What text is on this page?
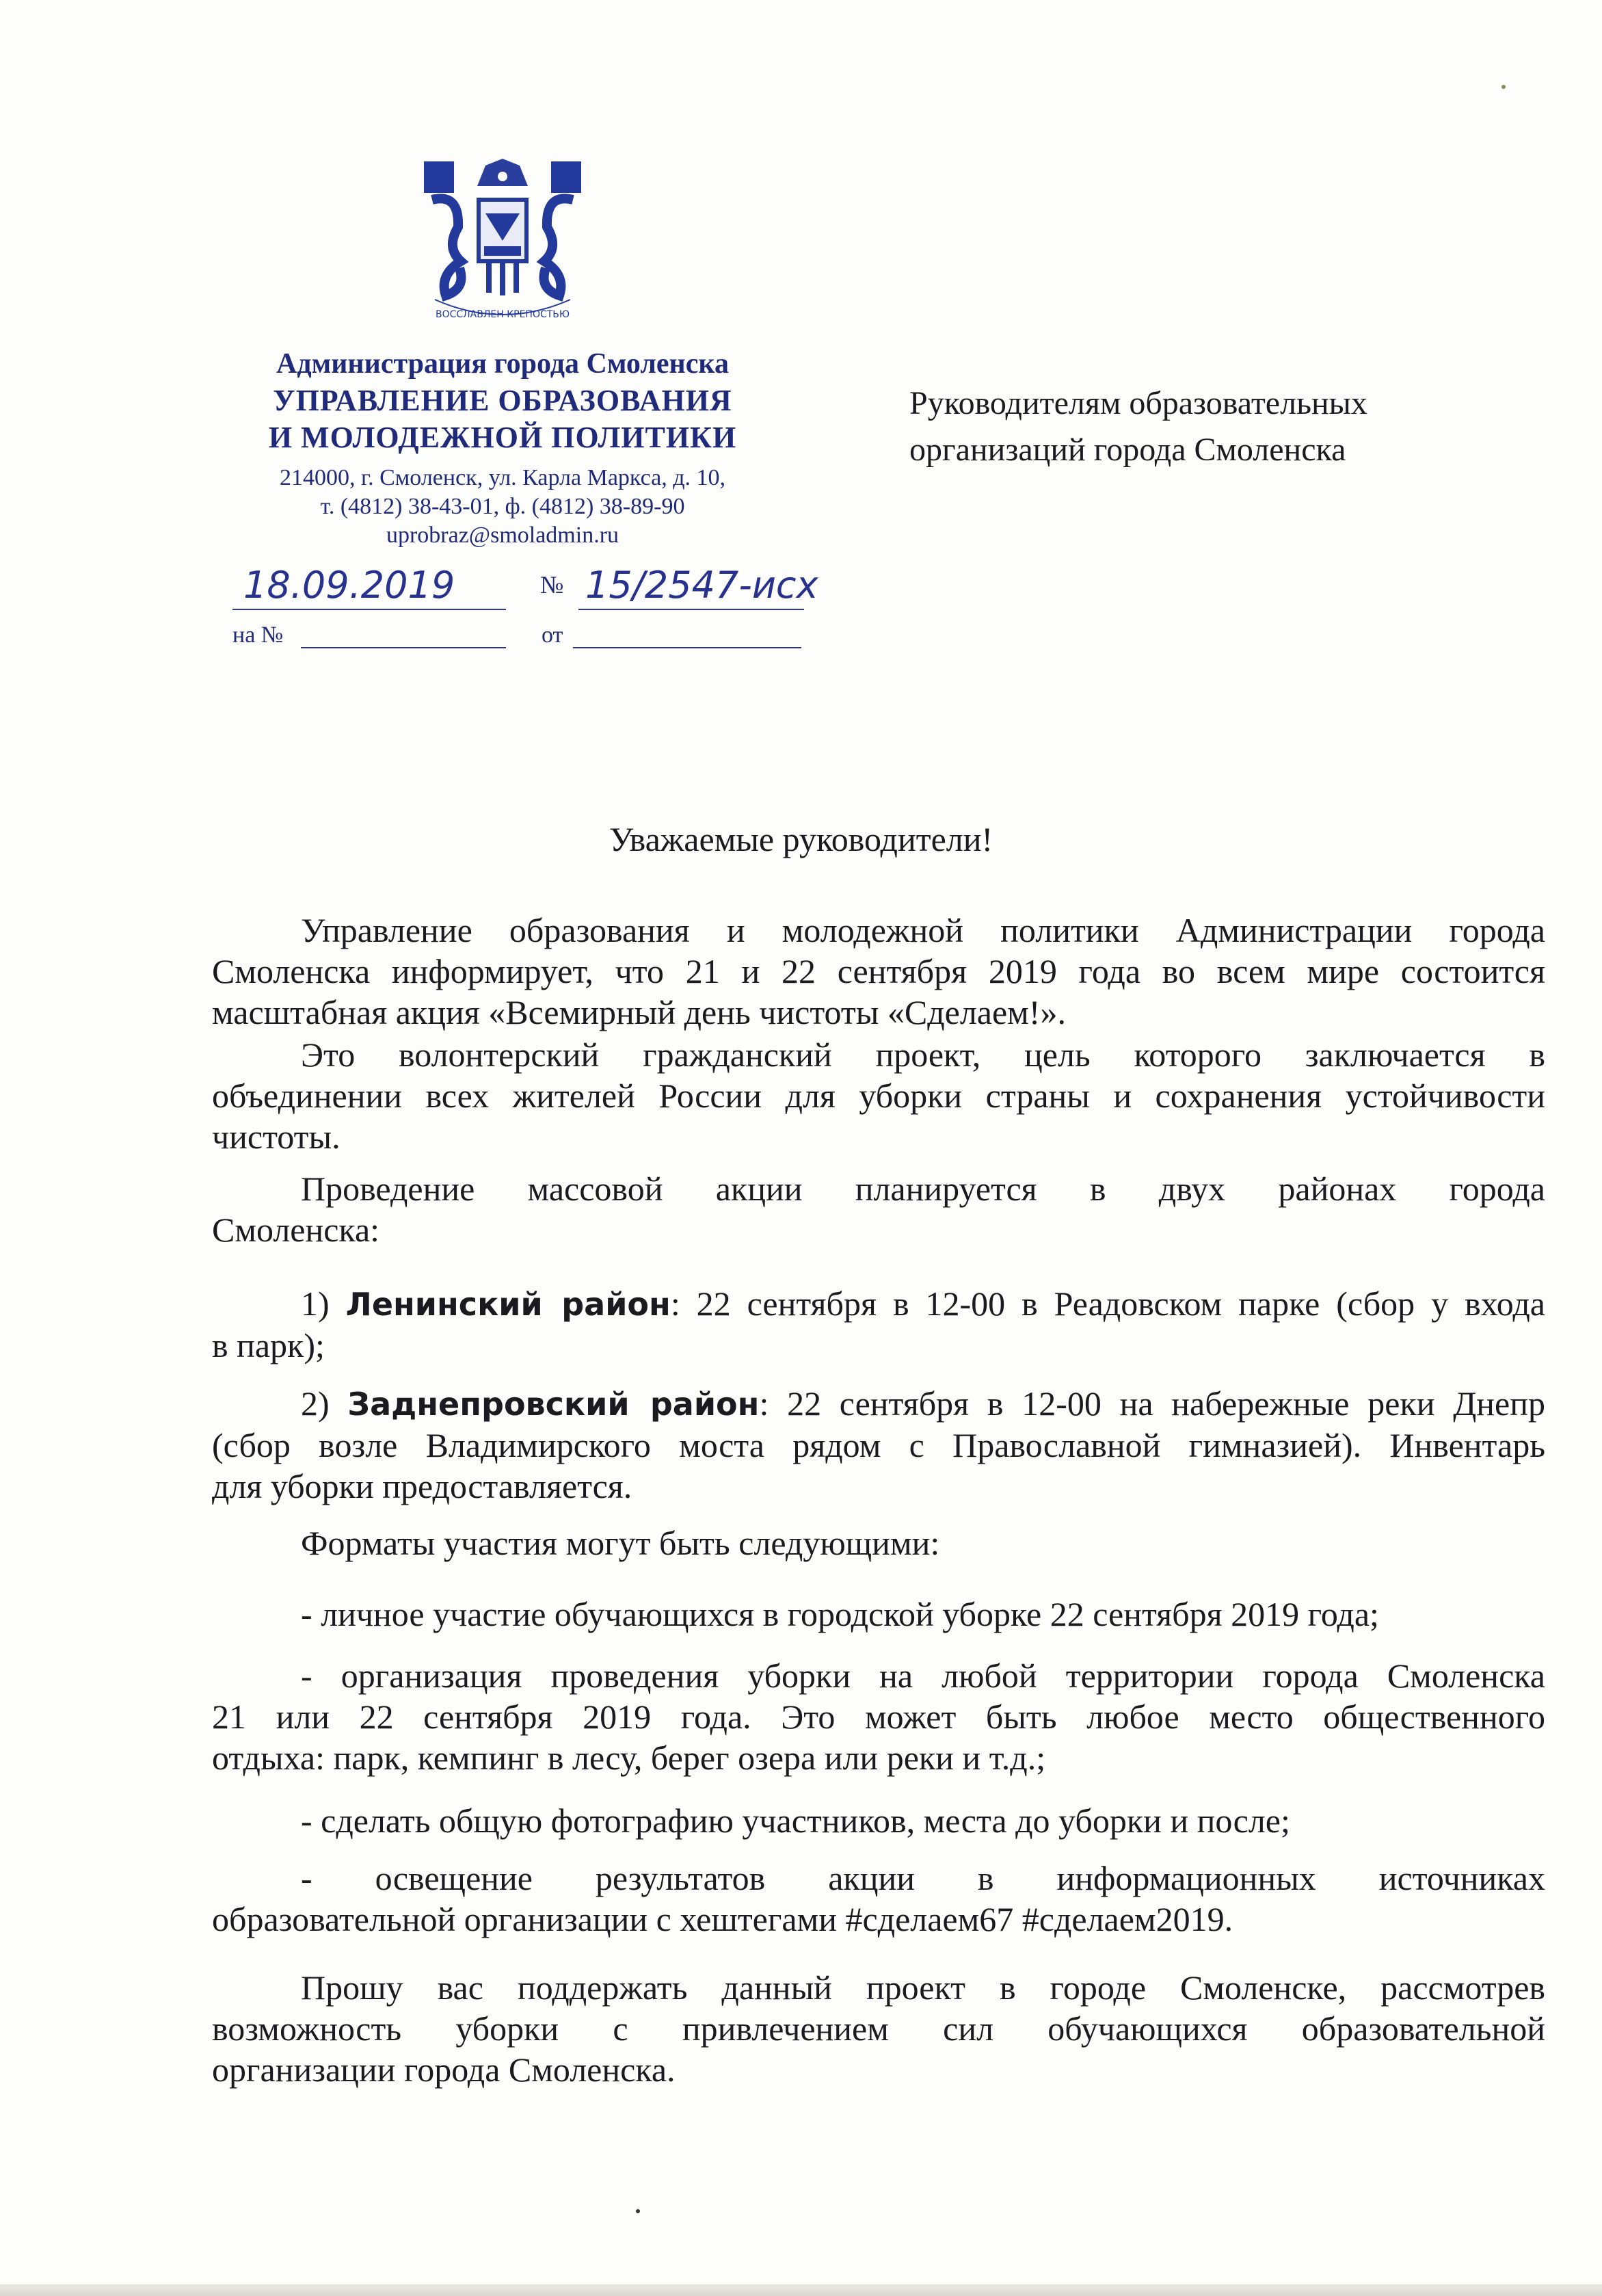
ВОССЛАВЛЕН КРЕПОСТЬЮ
Администрация города Смоленска
УПРАВЛЕНИЕ ОБРАЗОВАНИЯ
И МОЛОДЕЖНОЙ ПОЛИТИКИ
214000, г. Смоленск, ул. Карла Маркса, д. 10,
т. (4812) 38-43-01, ф. (4812) 38-89-90
uprobraz@smoladmin.ru
18.09.2019	№ 15/2547-исх
на №	от
Руководителям образовательных
организаций города Смоленска
Уважаемые руководители!
Управление образования и молодежной политики Администрации города
Смоленска информирует, что 21 и 22 сентября 2019 года во всем мире состоится
масштабная акция «Всемирный день чистоты «Сделаем!».
Это волонтерский гражданский проект, цель которого заключается в
объединении всех жителей России для уборки страны и сохранения устойчивости
чистоты.
Проведение массовой акции планируется в двух районах города
Смоленска:
1) Ленинский район: 22 сентября в 12-00 в Реадовском парке (сбор у входа
в парк);
2) Заднепровский район: 22 сентября в 12-00 на набережные реки Днепр
(сбор возле Владимирского моста рядом с Православной гимназией). Инвентарь
для уборки предоставляется.
Форматы участия могут быть следующими:
- личное участие обучающихся в городской уборке 22 сентября 2019 года;
- организация проведения уборки на любой территории города Смоленска
21 или 22 сентября 2019 года. Это может быть любое место общественного
отдыха: парк, кемпинг в лесу, берег озера или реки и т.д.;
- сделать общую фотографию участников, места до уборки и после;
- освещение результатов акции в информационных источниках
образовательной организации с хештегами #сделаем67 #сделаем2019.
Прошу вас поддержать данный проект в городе Смоленске, рассмотрев
возможность уборки с привлечением сил обучающихся образовательной
организации города Смоленска.
